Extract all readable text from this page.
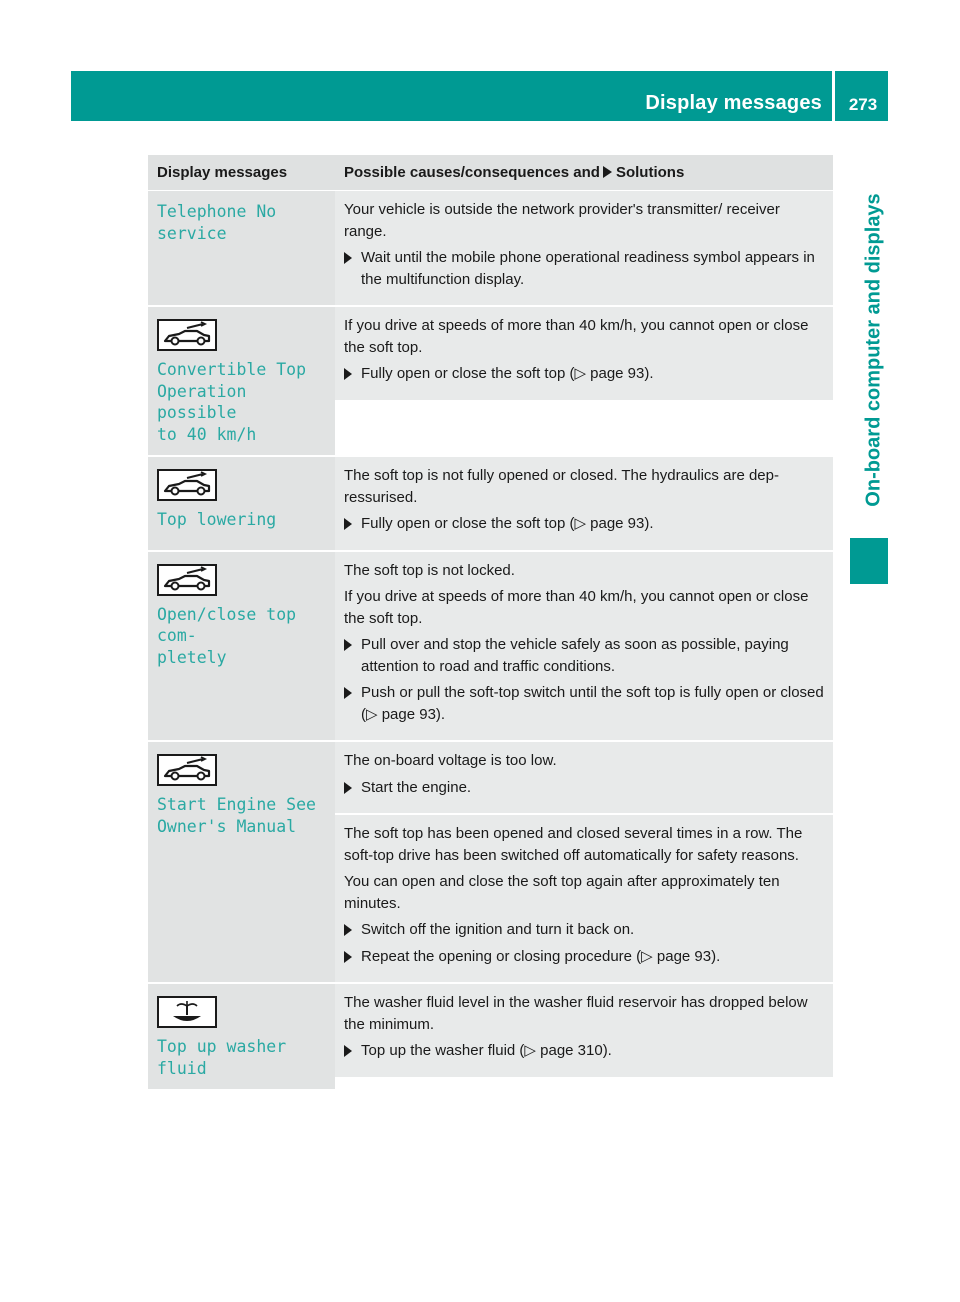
Display messages	273
On-board computer and displays
Display messages	Possible causes/consequences and Solutions
Telephone No
service

Your vehicle is outside the network provider's transmitter/ receiver range.

Wait until the mobile phone operational readiness symbol appears in the multifunction display.
Convertible Top
Operation possible
to 40 km/h

If you drive at speeds of more than 40 km/h, you cannot open or close the soft top.

Fully open or close the soft top (▷ page 93).
Top lowering

The soft top is not fully opened or closed. The hydraulics are dep- ressurised.

Fully open or close the soft top (▷ page 93).
Open/close top com‐
pletely

The soft top is not locked.

If you drive at speeds of more than 40 km/h, you cannot open or close the soft top.

Pull over and stop the vehicle safely as soon as possible, paying attention to road and traffic conditions.
Push or pull the soft-top switch until the soft top is fully open or closed (▷ page 93).
Start Engine See
Owner's Manual

The on-board voltage is too low.

Start the engine.

The soft top has been opened and closed several times in a row. The soft-top drive has been switched off automatically for safety reasons.

You can open and close the soft top again after approximately ten minutes.

Switch off the ignition and turn it back on.
Repeat the opening or closing procedure (▷ page 93).
Top up washer fluid

The washer fluid level in the washer fluid reservoir has dropped below the minimum.

Top up the washer fluid (▷ page 310).
